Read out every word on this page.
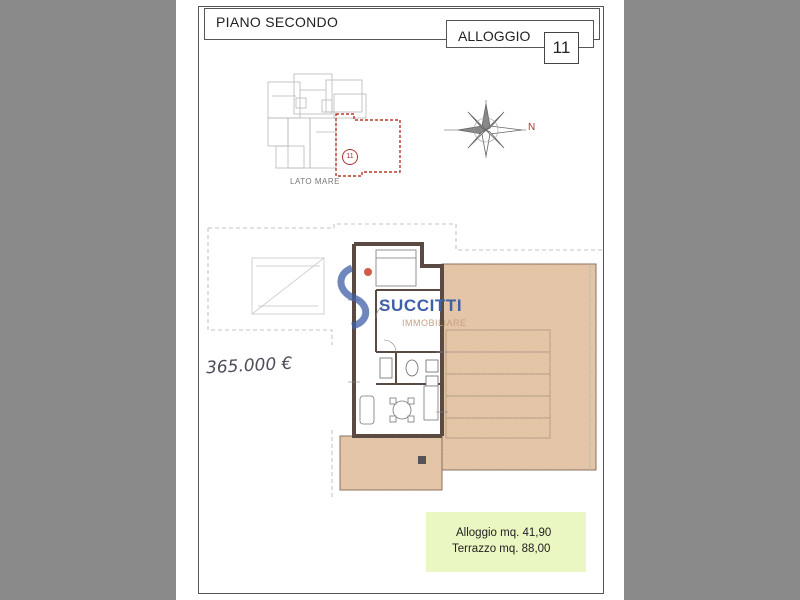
PIANO SECONDO
ALLOGGIO
11
11
LATO MARE
N
SUCCITTI
IMMOBILIARE
365.000 €
Alloggio mq. 41,90
Terrazzo mq. 88,00
